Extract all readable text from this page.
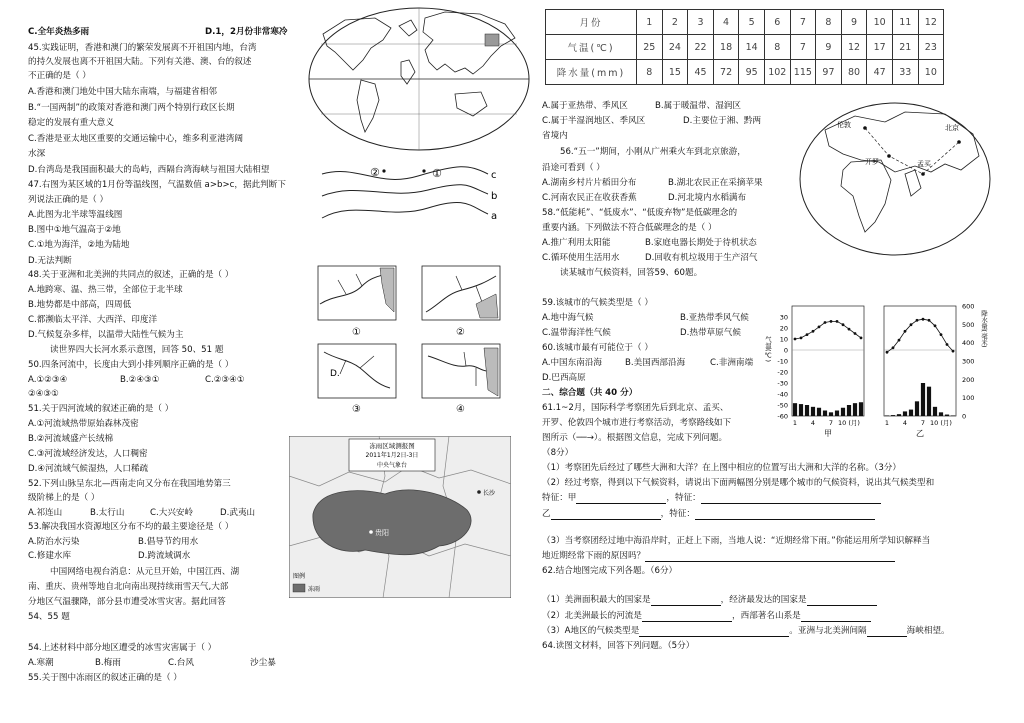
C.全年炎热多雨	D.1，2月份非常寒冷
45.实践证明，香港和澳门的繁荣发展离不开祖国内地，台湾
的持久发展也离不开祖国大陆。下列有关港、澳、台的叙述
不正确的是（ ）
A.香港和澳门地处中国大陆东南端，与福建省相邻
B.“一国两制”的政策对香港和澳门两个特别行政区长期
稳定的发展有重大意义
C.香港是亚太地区重要的交通运输中心，维多利亚港湾阔
水深
D.台湾岛是我国面积最大的岛屿，西隔台湾海峡与祖国大陆相望
47.右图为某区域的1月份等温线图，气温数值 a>b>c，据此判断下
列说法正确的是（ ）
A.此图为北半球等温线图
B.图中①地气温高于②地
C.①地为海洋，②地为陆地
D.无法判断
48.关于亚洲和北美洲的共同点的叙述，正确的是（ ）
A.地跨寒、温、热三带，全部位于北半球
B.地势都是中部高，四周低
C.都濒临太平洋、大西洋、印度洋
D.气候复杂多样，以温带大陆性气候为主
读世界四大长河水系示意图，回答 50、51 题
50.四条河流中，长度由大到小排列顺序正确的是（ ）
A.①②③④	B.②④③①	C.②③④①
②④③①
51.关于四河流域的叙述正确的是（ ）
A.①河流域热带原始森林茂密
B.②河流域盛产长绒棉
C.③河流域经济发达，人口稠密
D.④河流域气候湿热，人口稀疏
52.下列山脉呈东北—西南走向又分布在我国地势第三
级阶梯上的是（ ）
A.祁连山	B.太行山	C.大兴安岭	D.武夷山
53.解决我国水资源地区分布不均的最主要途径是（ ）
A.防治水污染	B.倡导节约用水
C.修建水库	D.跨流域调水
中国网络电视台消息：从元旦开始，中国江西、湖
南、重庆、贵州等地自北向南出现持续雨雪天气,大部
分地区气温骤降，部分县市遭受冰雪灾害。据此回答
54、55 题
54.上述材料中部分地区遭受的冰雪灾害属于（ ）
A.寒潮	B.梅雨	C.台风	沙尘暴
55.关于图中冻雨区的叙述正确的是（ ）
②	①	c
b
a
①	②
D.
③	④
冻雨区域测报图
2011年1月2日-3日
中央气象台
贵阳
长沙
图例
冻雨
月份	1	2	3	4	5	6	7	8	9	10	11	12
气温(℃)	25	24	22	18	14	8	7	9	12	17	21	23
降水量(mm)	8	15	45	72	95	102	115	97	80	47	33	10
伦敦	北京
开罗	孟买
A.属于亚热带、季风区	B.属于暖温带、湿润区
C.属于半湿润地区、季风区	D.主要位于湘、黔两
省境内
56.“五一”期间，小刚从广州乘火车到北京旅游，
沿途可看到（ ）
A.湖南乡村片片稻田分布	B.湖北农民正在采摘苹果
C.河南农民正在收获香蕉	D.河北境内水稻满布
58.“低能耗”、“低废水”、“低废弃物”是低碳理念的
重要内涵。下列做法不符合低碳理念的是（ ）
A.推广利用太阳能	B.家庭电器长期处于待机状态
C.循环使用生活用水	D.回收有机垃圾用于生产沼气
读某城市气候资料，回答59、60题。
59.该城市的气候类型是（ ）
A.地中海气候	B.亚热带季风气候
C.温带海洋性气候	D.热带草原气候
60.该城市最有可能位于（ ）
A.中国东南沿海	B.美国西部沿海	C.非洲南端
D.巴西高原
二、综合题（共 40 分）
61.1~2月，国际科学考察团先后到北京、孟买、
开罗、伦敦四个城市进行考察活动，考察路线如下
图所示（──→）。根据图文信息，完成下列问题。
（8分）
（1）考察团先后经过了哪些大洲和大洋？在上图中相应的位置写出大洲和大洋的名称。（3分）
（2）经过考察，得到以下气候资料，请说出下面两幅图分别是哪个城市的气候资料，说出其气候类型和
特征：甲	，特征：
乙	，特征：
（3）当考察团经过地中海沿岸时，正赶上下雨，当地人说：“近期经常下雨。”你能运用所学知识解释当
地近期经常下雨的原因吗？
62.结合地图完成下列各题。（6分）
（1）美洲面积最大的国家是	，经济最发达的国家是
（2）北美洲最长的河流是	，西部著名山系是
（3）A地区的气候类型是	。亚洲与北美洲间隔	海峡相望。
64.读图文材料，回答下列问题。（5分）
30
20
10
0
-10
-20
-30
-40
-50
-60
600
500
400
300
200
100
0
气温(℃)
降水量(毫米)
1 4 7 10 (月)
甲
1 4 7 10 (月)
乙
